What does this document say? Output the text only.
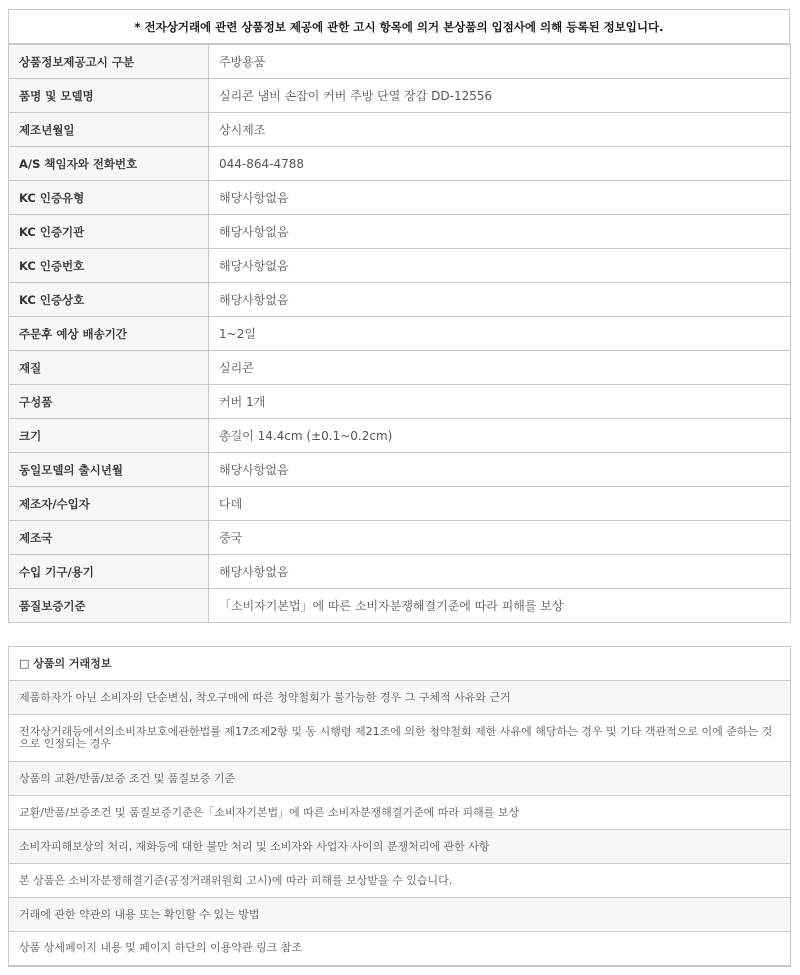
* 전자상거래에 관련 상품정보 제공에 관한 고시 항목에 의거 본상품의 입점사에 의해 등록된 정보입니다.
상품정보제공고시 구분	주방용품
품명 및 모델명	실리콘 냄비 손잡이 커버 주방 단열 장갑 DD-12556
제조년월일	상시제조
A/S 책임자와 전화번호	044-864-4788
KC 인증유형	해당사항없음
KC 인증기관	해당사항없음
KC 인증번호	해당사항없음
KC 인증상호	해당사항없음
주문후 예상 배송기간	1~2일
재질	실리콘
구성품	커버 1개
크기	총길이 14.4cm (±0.1~0.2cm)
동일모델의 출시년월	해당사항없음
제조자/수입자	다데
제조국	중국
수입 기구/용기	해당사항없음
품질보증기준	「소비자기본법」에 따른 소비자분쟁해결기준에 따라 피해를 보상
□ 상품의 거래정보
제품하자가 아닌 소비자의 단순변심, 착오구매에 따른 청약철회가 불가능한 경우 그 구체적 사유와 근거
전자상거래등에서의소비자보호에관한법률 제17조제2항 및 동 시행령 제21조에 의한 청약철회 제한 사유에 해당하는 경우 및 기타 객관적으로 이에 준하는 것으로 인정되는 경우
상품의 교환/반품/보증 조건 및 품질보증 기준
교환/반품/보증조건 및 품질보증기준은「소비자기본법」에 따른 소비자분쟁해결기준에 따라 피해를 보상
소비자피해보상의 처리, 재화등에 대한 불만 처리 및 소비자와 사업자 사이의 분쟁처리에 관한 사항
본 상품은 소비자분쟁해결기준(공정거래위원회 고시)에 따라 피해를 보상받을 수 있습니다.
거래에 관한 약관의 내용 또는 확인할 수 있는 방법
상품 상세페이지 내용 및 페이지 하단의 이용약관 링크 참조
